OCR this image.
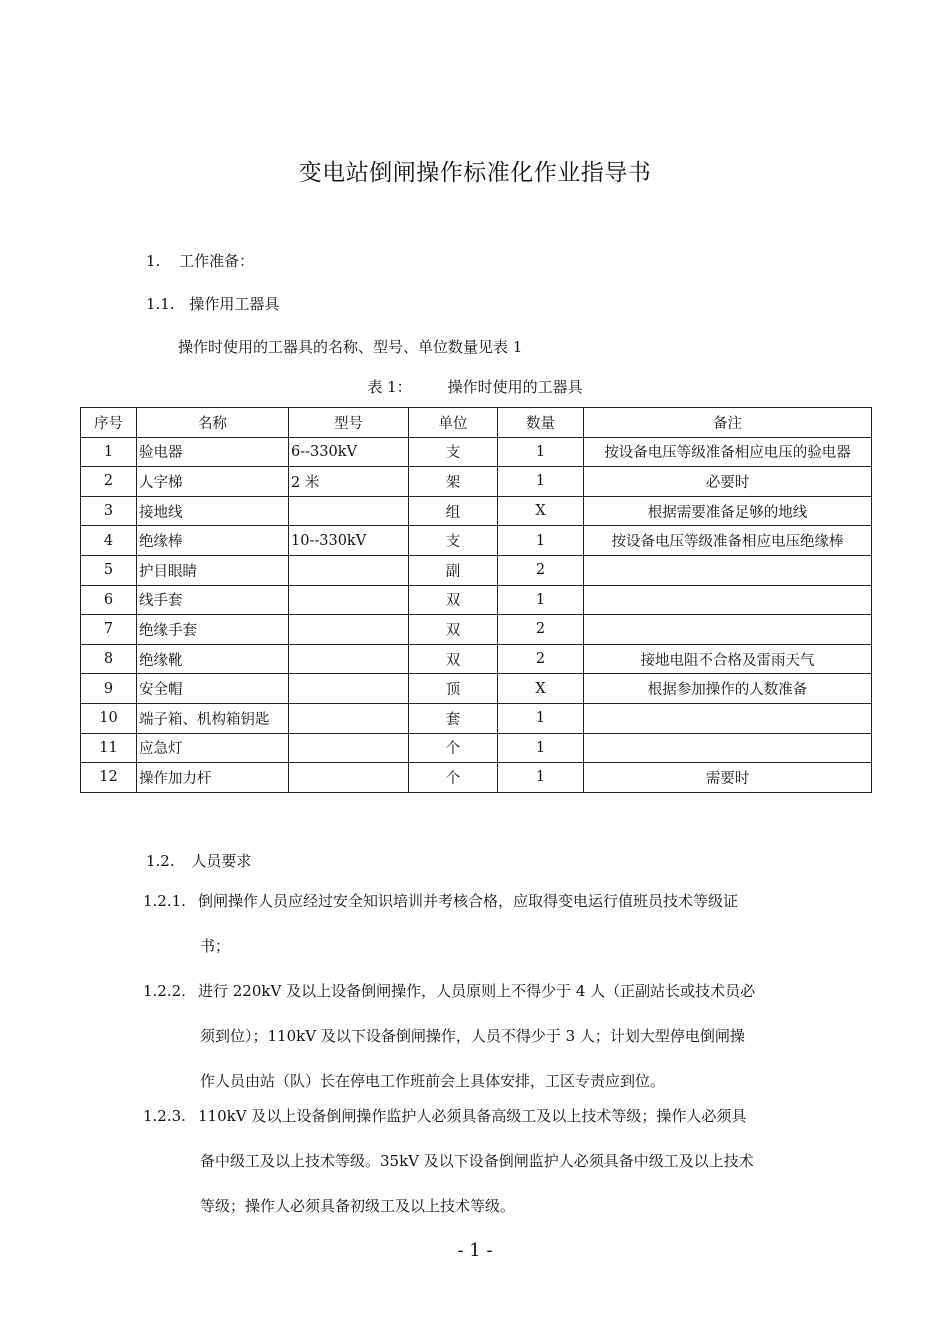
变电站倒闸操作标准化作业指导书
1. 工作准备：
1.1. 操作用工器具
操作时使用的工器具的名称、型号、单位数量见表 1
表 1： 操作时使用的工器具
序号	名称	型号	单位	数量	备注
1	验电器	6--330kV	支	1	按设备电压等级准备相应电压的验电器
2	人字梯	2 米	架	1	必要时
3	接地线		组	X	根据需要准备足够的地线
4	绝缘棒	10--330kV	支	1	按设备电压等级准备相应电压绝缘棒
5	护目眼睛		副	2	
6	线手套		双	1	
7	绝缘手套		双	2	
8	绝缘靴		双	2	接地电阻不合格及雷雨天气
9	安全帽		顶	X	根据参加操作的人数准备
10	端子箱、机构箱钥匙		套	1	
11	应急灯		个	1	
12	操作加力杆		个	1	需要时
1.2. 人员要求
1.2.1. 倒闸操作人员应经过安全知识培训并考核合格，应取得变电运行值班员技术等级证
书；
1.2.2. 进行 220kV 及以上设备倒闸操作，人员原则上不得少于 4 人（正副站长或技术员必
须到位）；110kV 及以下设备倒闸操作，人员不得少于 3 人；计划大型停电倒闸操
作人员由站（队）长在停电工作班前会上具体安排，工区专责应到位。
1.2.3. 110kV 及以上设备倒闸操作监护人必须具备高级工及以上技术等级；操作人必须具
备中级工及以上技术等级。35kV 及以下设备倒闸监护人必须具备中级工及以上技术
等级；操作人必须具备初级工及以上技术等级。
- 1 -
